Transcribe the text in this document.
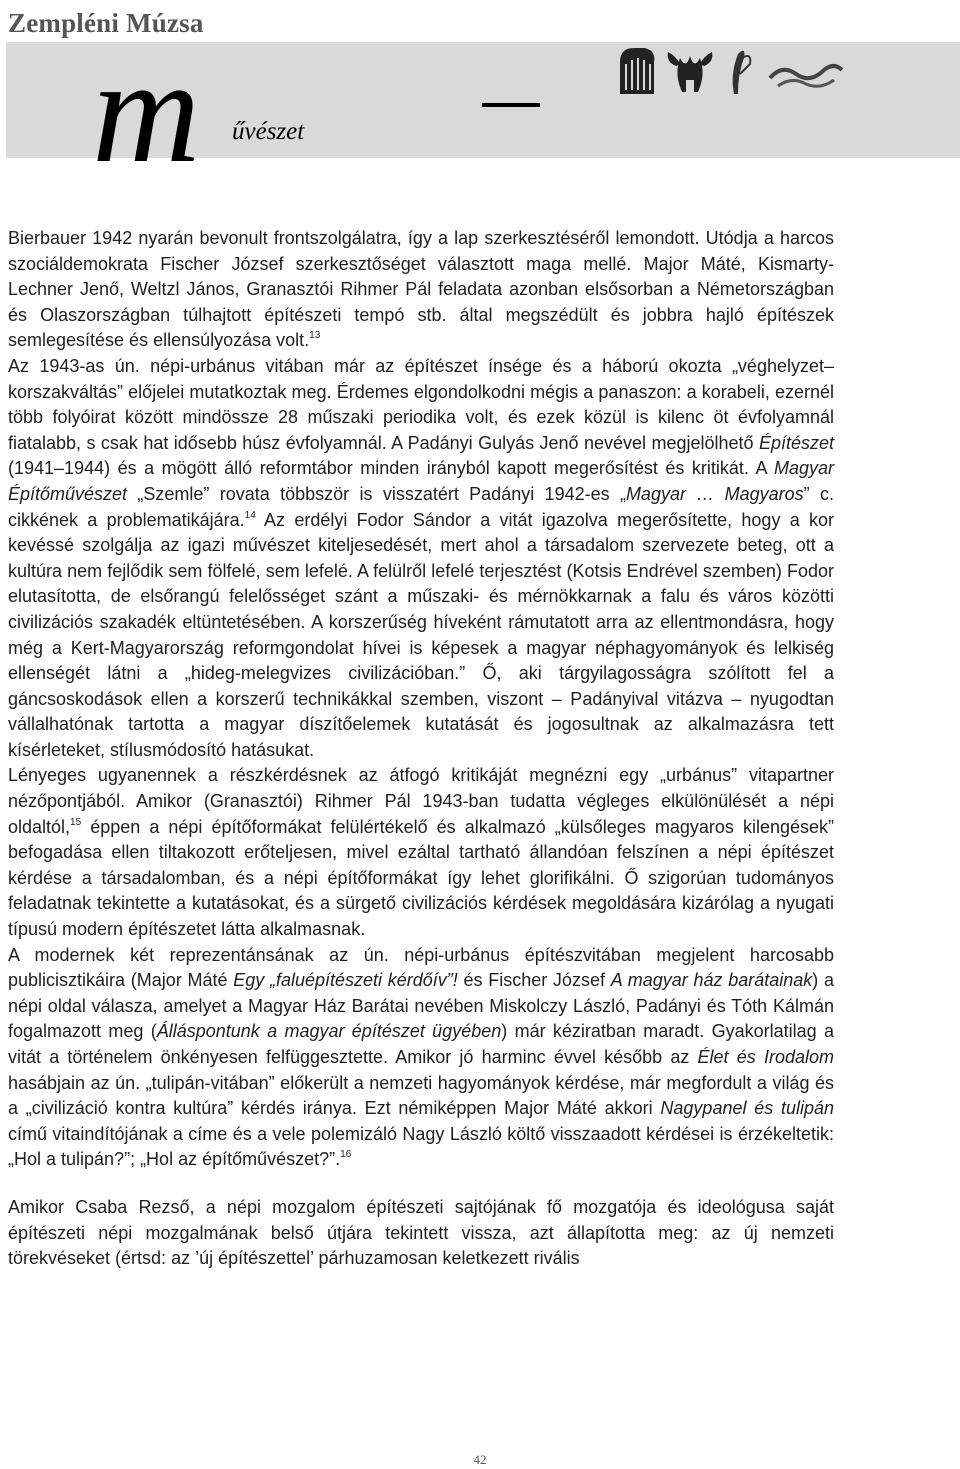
Zempléni Múzsa
m űvészet

Bierbauer 1942 nyarán bevonult frontszolgálatra, így a lap szerkesztéséről lemondott. Utódja a harcos szociáldemokrata Fischer József szerkesztőséget választott maga mellé. Major Máté, Kismarty-Lechner Jenő, Weltzl János, Granasztói Rihmer Pál feladata azonban elsősorban a Németországban és Olaszországban túlhajtott építészeti tempó stb. által megszédült és jobbra hajló építészek semlegesítése és ellensúlyozása volt.$^{13}$

Az 1943-as ún. népi-urbánus vitában már az építészet ínsége és a háború okozta „véghelyzet–korszakváltás” előjelei mutatkoztak meg. Érdemes elgondolkodni mégis a panaszon: a korabeli, ezernél több folyóirat között mindössze 28 műszaki periodika volt, és ezek közül is kilenc öt évfolyamnál fiatalabb, s csak hat idősebb húsz évfolyamnál. A Padányi Gulyás Jenő nevével megjelölhető Építészet (1941–1944) és a mögött álló reformtábor minden irányból kapott megerősítést és kritikát. A Magyar Építőművészet „Szemle” rovata többször is visszatért Padányi 1942-es „Magyar … Magyaros” c. cikkének a problematikájára.$^{14}$ Az erdélyi Fodor Sándor a vitát igazolva megerősítette, hogy a kor kevéssé szolgálja az igazi művészet kiteljesedését, mert ahol a társadalom szervezete beteg, ott a kultúra nem fejlődik sem fölfelé, sem lefelé. A felülről lefelé terjesztést (Kotsis Endrével szemben) Fodor elutasította, de elsőrangú felelősséget szánt a műszaki- és mérnökkarnak a falu és város közötti civilizációs szakadék eltüntetésében. A korszerűség híveként rámutatott arra az ellentmondásra, hogy még a Kert-Magyarország reformgondolat hívei is képesek a magyar néphagyományok és lelkiség ellenségét látni a „hideg-melegvizes civilizációban.” Ő, aki tárgyilagosságra szólított fel a gáncsoskodások ellen a korszerű technikákkal szemben, viszont – Padányival vitázva – nyugodtan vállalhatónak tartotta a magyar díszítőelemek kutatását és jogosultnak az alkalmazásra tett kísérleteket, stílusmódosító hatásukat.

Lényeges ugyanennek a részkérdésnek az átfogó kritikáját megnézni egy „urbánus” vitapartner nézőpontjából. Amikor (Granasztói) Rihmer Pál 1943-ban tudatta végleges elkülönülését a népi oldaltól,$^{15}$ éppen a népi építőformákat felülértékelő és alkalmazó „külsőleges magyaros kilengések” befogadása ellen tiltakozott erőteljesen, mivel ezáltal tartható állandóan felszínen a népi építészet kérdése a társadalomban, és a népi építőformákat így lehet glorifikálni. Ő szigorúan tudományos feladatnak tekintette a kutatásokat, és a sürgető civilizációs kérdések megoldására kizárólag a nyugati típusú modern építészetet látta alkalmasnak.

A modernek két reprezentánsának az ún. népi-urbánus építészvitában megjelent harcosabb publicisztikáira (Major Máté Egy „faluépítészeti kérdőív”! és Fischer József A magyar ház barátainak) a népi oldal válasza, amelyet a Magyar Ház Barátai nevében Miskolczy László, Padányi és Tóth Kálmán fogalmazott meg (Álláspontunk a magyar építészet ügyében) már kéziratban maradt. Gyakorlatilag a vitát a történelem önkényesen felfüggesztette. Amikor jó harminc évvel később az Élet és Irodalom hasábjain az ún. „tulipán-vitában” előkerült a nemzeti hagyományok kérdése, már megfordult a világ és a „civilizáció kontra kultúra” kérdés iránya. Ezt némiképpen Major Máté akkori Nagypanel és tulipán című vitaindítójának a címe és a vele polemizáló Nagy László költő visszaadott kérdései is érzékeltetik: „Hol a tulipán?”; „Hol az építőművészet?”.$^{16}$

Amikor Csaba Rezső, a népi mozgalom építészeti sajtójának fő mozgatója és ideológusa saját építészeti népi mozgalmának belső útjára tekintett vissza, azt állapította meg: az új nemzeti törekvéseket (értsd: az ’új építészettel’ párhuzamosan keletkezett rivális

42
